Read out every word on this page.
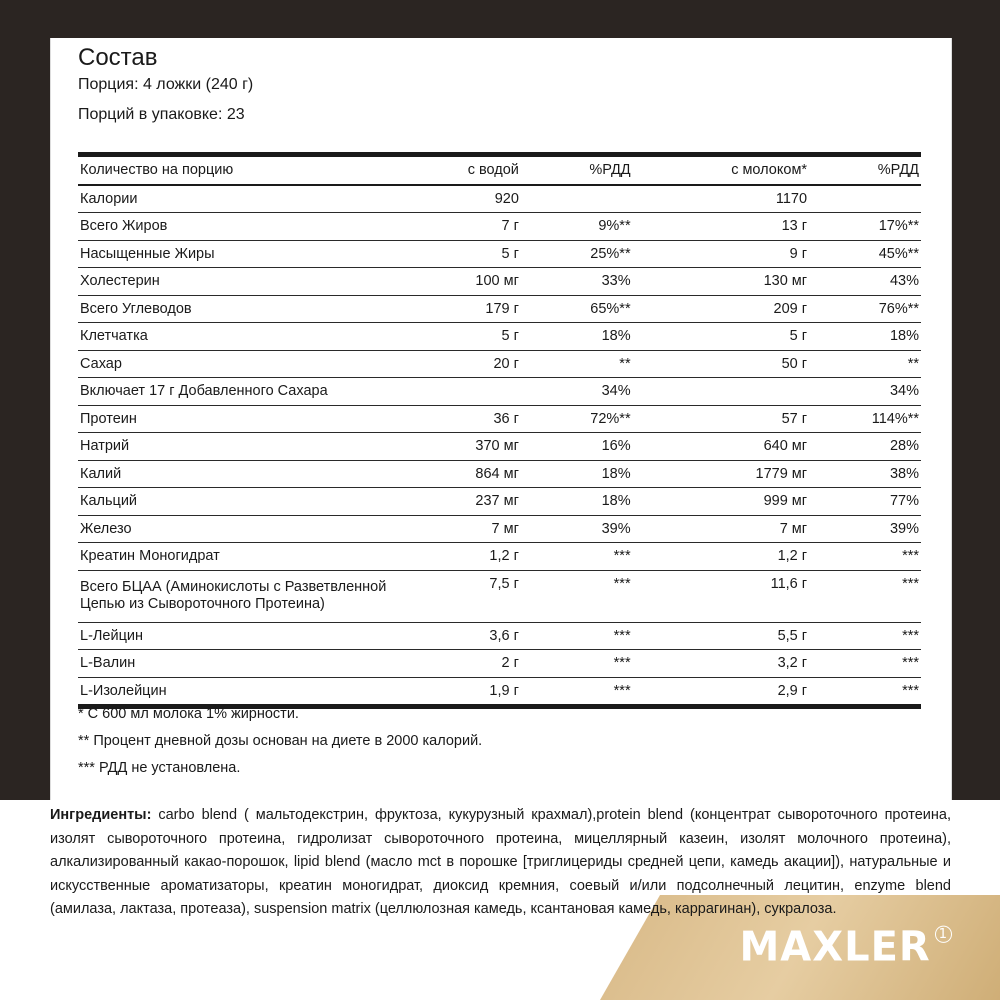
Состав
Порция: 4 ложки (240 г)
Порций в упаковке: 23
Количество на порцию	с водой	%РДД	с молоком*	%РДД
Калории	920		1170	
Всего Жиров	7 г	9%**	13 г	17%**
Насыщенные Жиры	5 г	25%**	9 г	45%**
Холестерин	100 мг	33%	130 мг	43%
Всего Углеводов	179 г	65%**	209 г	76%**
Клетчатка	5 г	18%	5 г	18%
Сахар	20 г	**	50 г	**
Включает 17 г Добавленного Сахара		34%		34%
Протеин	36 г	72%**	57 г	114%**
Натрий	370 мг	16%	640 мг	28%
Калий	864 мг	18%	1779 мг	38%
Кальций	237 мг	18%	999 мг	77%
Железо	7 мг	39%	7 мг	39%
Креатин Моногидрат	1,2 г	***	1,2 г	***
Всего БЦАА (Аминокислоты с Разветвленной Цепью из Сывороточного Протеина)	7,5 г	***	11,6 г	***
L-Лейцин	3,6 г	***	5,5 г	***
L-Валин	2 г	***	3,2 г	***
L-Изолейцин	1,9 г	***	2,9 г	***
* С 600 мл молока 1% жирности.
** Процент дневной дозы основан на диете в 2000 калорий.
*** РДД не установлена.
Ингредиенты: carbo blend ( мальтодекстрин, фруктоза, кукурузный крахмал),protein blend (концентрат сывороточного протеина, изолят сывороточного протеина, гидролизат сывороточного протеина, мицеллярный казеин, изолят молочного протеина), алкализированный какао-порошок, lipid blend (масло mct в порошке [триглицериды средней цепи, камедь акации]), натуральные и искусственные ароматизаторы, креатин моногидрат, диоксид кремния, соевый и/или подсолнечный лецитин, enzyme blend (амилаза, лактаза, протеаза), suspension matrix (целлюлозная камедь, ксантановая камедь, каррагинан), сукралоза.
MAXLER $^1$
